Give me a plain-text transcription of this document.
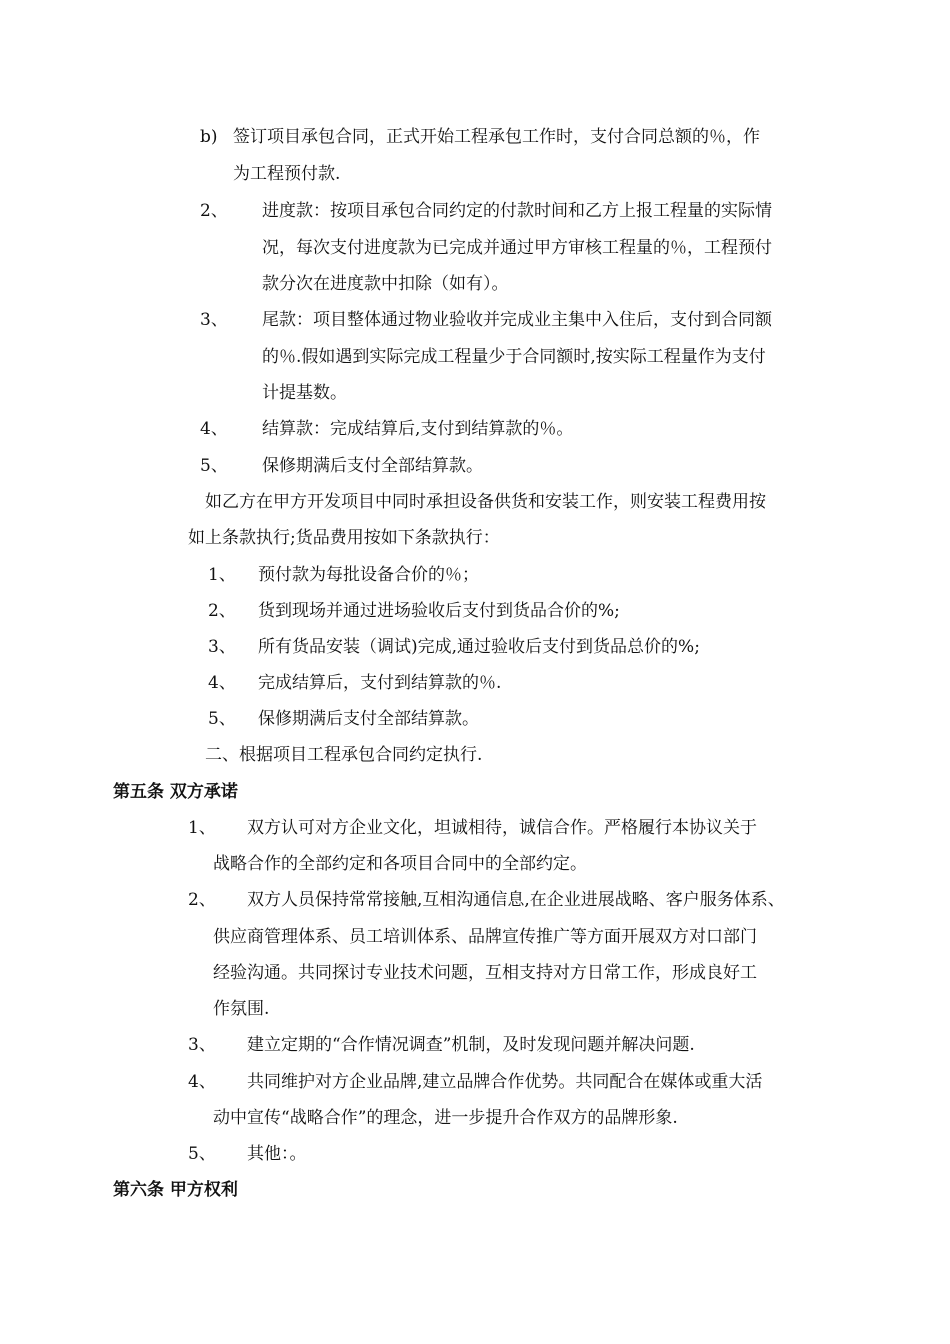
b) 签订项目承包合同，正式开始工程承包工作时，支付合同总额的％，作
为工程预付款.
2、 进度款：按项目承包合同约定的付款时间和乙方上报工程量的实际情
况，每次支付进度款为已完成并通过甲方审核工程量的％，工程预付
款分次在进度款中扣除（如有）。
3、 尾款：项目整体通过物业验收并完成业主集中入住后，支付到合同额
的％.假如遇到实际完成工程量少于合同额时,按实际工程量作为支付
计提基数。
4、 结算款：完成结算后,支付到结算款的％。
5、 保修期满后支付全部结算款。
如乙方在甲方开发项目中同时承担设备供货和安装工作，则安装工程费用按
如上条款执行;货品费用按如下条款执行：
1、 预付款为每批设备合价的％；
2、 货到现场并通过进场验收后支付到货品合价的%;
3、 所有货品安装（调试)完成,通过验收后支付到货品总价的%;
4、 完成结算后，支付到结算款的％.
5、 保修期满后支付全部结算款。
二、根据项目工程承包合同约定执行.
第五条 双方承诺
1、 双方认可对方企业文化，坦诚相待，诚信合作。严格履行本协议关于
战略合作的全部约定和各项目合同中的全部约定。
2、 双方人员保持常常接触,互相沟通信息,在企业进展战略、客户服务体系、
供应商管理体系、员工培训体系、品牌宣传推广等方面开展双方对口部门
经验沟通。共同探讨专业技术问题，互相支持对方日常工作，形成良好工
作氛围.
3、 建立定期的“合作情况调查”机制，及时发现问题并解决问题.
4、 共同维护对方企业品牌,建立品牌合作优势。共同配合在媒体或重大活
动中宣传“战略合作”的理念，进一步提升合作双方的品牌形象.
5、 其他：。
第六条 甲方权利
